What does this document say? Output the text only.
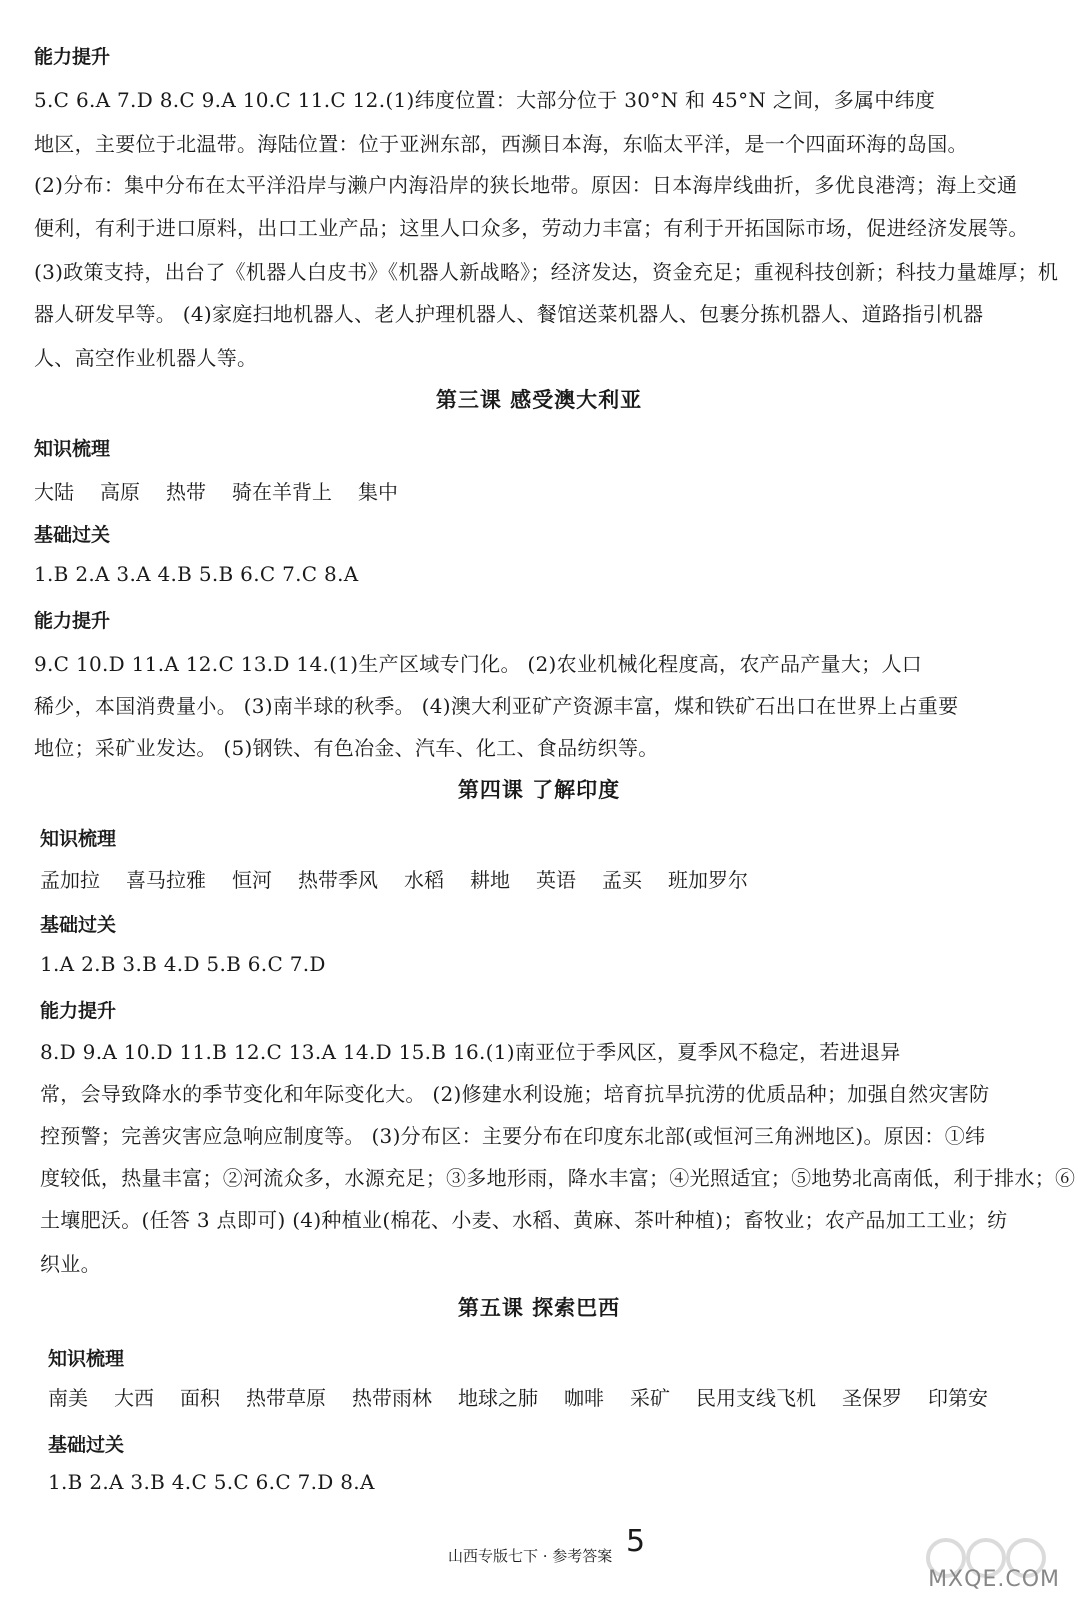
能力提升
5.C 6.A 7.D 8.C 9.A 10.C 11.C 12.(1)纬度位置：大部分位于 30°N 和 45°N 之间，多属中纬度
地区，主要位于北温带。海陆位置：位于亚洲东部，西濒日本海，东临太平洋，是一个四面环海的岛国。
(2)分布：集中分布在太平洋沿岸与濑户内海沿岸的狭长地带。原因：日本海岸线曲折，多优良港湾；海上交通
便利，有利于进口原料，出口工业产品；这里人口众多，劳动力丰富；有利于开拓国际市场，促进经济发展等。
(3)政策支持，出台了《机器人白皮书》《机器人新战略》；经济发达，资金充足；重视科技创新；科技力量雄厚；机
器人研发早等。 (4)家庭扫地机器人、老人护理机器人、餐馆送菜机器人、包裹分拣机器人、道路指引机器
人、高空作业机器人等。
第三课 感受澳大利亚
知识梳理
大陆 高原 热带 骑在羊背上 集中
基础过关
1.B 2.A 3.A 4.B 5.B 6.C 7.C 8.A
能力提升
9.C 10.D 11.A 12.C 13.D 14.(1)生产区域专门化。 (2)农业机械化程度高，农产品产量大；人口
稀少，本国消费量小。 (3)南半球的秋季。 (4)澳大利亚矿产资源丰富，煤和铁矿石出口在世界上占重要
地位；采矿业发达。 (5)钢铁、有色冶金、汽车、化工、食品纺织等。
第四课 了解印度
知识梳理
孟加拉 喜马拉雅 恒河 热带季风 水稻 耕地 英语 孟买 班加罗尔
基础过关
1.A 2.B 3.B 4.D 5.B 6.C 7.D
能力提升
8.D 9.A 10.D 11.B 12.C 13.A 14.D 15.B 16.(1)南亚位于季风区，夏季风不稳定，若进退异
常，会导致降水的季节变化和年际变化大。 (2)修建水利设施；培育抗旱抗涝的优质品种；加强自然灾害防
控预警；完善灾害应急响应制度等。 (3)分布区：主要分布在印度东北部(或恒河三角洲地区)。原因：①纬
度较低，热量丰富；②河流众多，水源充足；③多地形雨，降水丰富；④光照适宜；⑤地势北高南低，利于排水；⑥
土壤肥沃。(任答 3 点即可) (4)种植业(棉花、小麦、水稻、黄麻、茶叶种植)；畜牧业；农产品加工工业；纺
织业。
第五课 探索巴西
知识梳理
南美 大西 面积 热带草原 热带雨林 地球之肺 咖啡 采矿 民用支线飞机 圣保罗 印第安
基础过关
1.B 2.A 3.B 4.C 5.C 6.C 7.D 8.A
山西专版七下 · 参考答案 5
MXQE.COM
